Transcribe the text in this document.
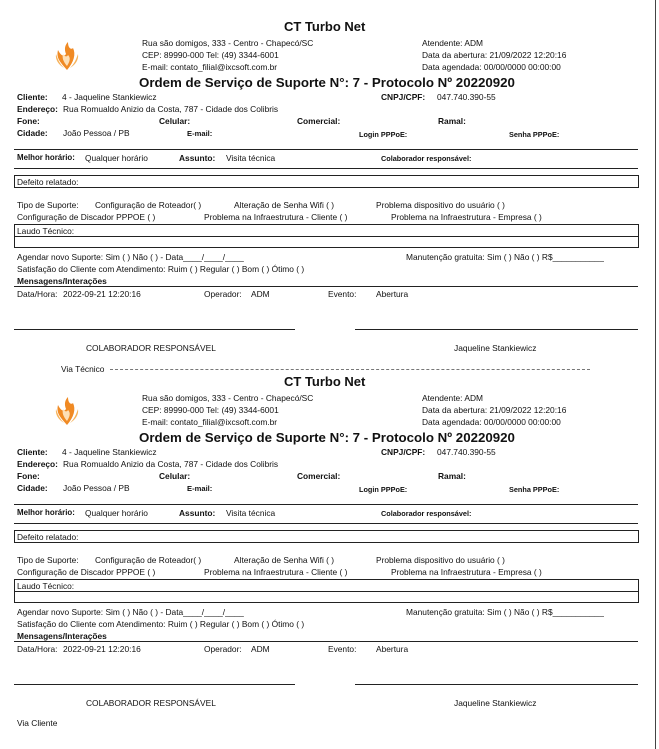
CT Turbo Net
Rua são domigos, 333 - Centro - Chapecó/SC
CEP: 89990-000 Tel: (49) 3344-6001
E-mail: contato_filial@ixcsoft.com.br
Atendente: ADM
Data da abertura: 21/09/2022 12:20:16
Data agendada: 00/00/0000 00:00:00
Ordem de Serviço de Suporte N°: 7 - Protocolo Nº 20220920
Cliente: 4 - Jaqueline Stankiewicz	CNPJ/CPF: 047.740.390-55
Endereço: Rua Romualdo Anizio da Costa, 787 - Cidade dos Colibris
Fone:	Celular:	Comercial:	Ramal:
Cidade: João Pessoa / PB	E-mail:	Login PPPoE:	Senha PPPoE:
Melhor horário: Qualquer horário	Assunto: Visita técnica	Colaborador responsável:
Defeito relatado:
Tipo de Suporte: Configuração de Roteador( )	Alteração de Senha Wifi ( )	Problema dispositivo do usuário ( )
Configuração de Discador PPPOE ( )	Problema na Infraestrutura - Cliente ( )	Problema na Infraestrutura - Empresa ( )
Laudo Técnico:
Agendar novo Suporte: Sim ( ) Não ( ) - Data____/____/____	Manutenção gratuita: Sim ( ) Não ( ) R$___________
Satisfação do Cliente com Atendimento: Ruim ( ) Regular ( ) Bom ( ) Ótimo ( )
Mensagens/Interações
Data/Hora: 2022-09-21 12:20:16	Operador: ADM	Evento: Abertura
COLABORADOR RESPONSÁVEL	Jaqueline Stankiewicz
CT Turbo Net
Rua são domigos, 333 - Centro - Chapecó/SC
CEP: 89990-000 Tel: (49) 3344-6001
E-mail: contato_filial@ixcsoft.com.br
Atendente: ADM
Data da abertura: 21/09/2022 12:20:16
Data agendada: 00/00/0000 00:00:00
Ordem de Serviço de Suporte N°: 7 - Protocolo Nº 20220920
Cliente: 4 - Jaqueline Stankiewicz	CNPJ/CPF: 047.740.390-55
Endereço: Rua Romualdo Anizio da Costa, 787 - Cidade dos Colibris
Fone:	Celular:	Comercial:	Ramal:
Cidade: João Pessoa / PB	E-mail:	Login PPPoE:	Senha PPPoE:
Melhor horário: Qualquer horário	Assunto: Visita técnica	Colaborador responsável:
Defeito relatado:
Tipo de Suporte: Configuração de Roteador( )	Alteração de Senha Wifi ( )	Problema dispositivo do usuário ( )
Configuração de Discador PPPOE ( )	Problema na Infraestrutura - Cliente ( )	Problema na Infraestrutura - Empresa ( )
Laudo Técnico:
Agendar novo Suporte: Sim ( ) Não ( ) - Data____/____/____	Manutenção gratuita: Sim ( ) Não ( ) R$___________
Satisfação do Cliente com Atendimento: Ruim ( ) Regular ( ) Bom ( ) Ótimo ( )
Mensagens/Interações
Data/Hora: 2022-09-21 12:20:16	Operador: ADM	Evento: Abertura
COLABORADOR RESPONSÁVEL	Jaqueline Stankiewicz
Via Técnico
Via Cliente
